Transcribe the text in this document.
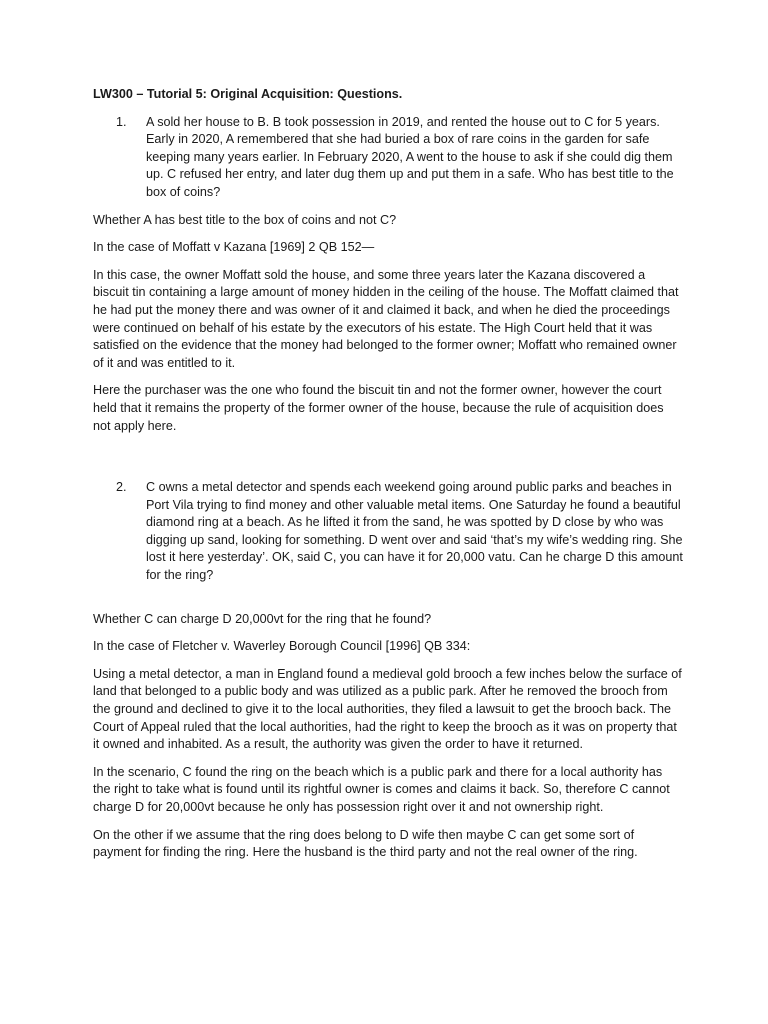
LW300 – Tutorial 5: Original Acquisition: Questions.
1.	A sold her house to B. B took possession in 2019, and rented the house out to C for 5 years. Early in 2020, A remembered that she had buried a box of rare coins in the garden for safe keeping many years earlier. In February 2020, A went to the house to ask if she could dig them up. C refused her entry, and later dug them up and put them in a safe. Who has best title to the box of coins?

Whether A has best title to the box of coins and not C?

In the case of Moffatt v Kazana [1969] 2 QB 152—

In this case, the owner Moffatt sold the house, and some three years later the Kazana discovered a biscuit tin containing a large amount of money hidden in the ceiling of the house. The Moffatt claimed that he had put the money there and was owner of it and claimed it back, and when he died the proceedings were continued on behalf of his estate by the executors of his estate. The High Court held that it was satisfied on the evidence that the money had belonged to the former owner; Moffatt who remained owner of it and was entitled to it.

Here the purchaser was the one who found the biscuit tin and not the former owner, however the court held that it remains the property of the former owner of the house, because the rule of acquisition does not apply here.

2.	C owns a metal detector and spends each weekend going around public parks and beaches in Port Vila trying to find money and other valuable metal items. One Saturday he found a beautiful diamond ring at a beach. As he lifted it from the sand, he was spotted by D close by who was digging up sand, looking for something. D went over and said ‘that’s my wife’s wedding ring. She lost it here yesterday’. OK, said C, you can have it for 20,000 vatu. Can he charge D this amount for the ring?

Whether C can charge D 20,000vt for the ring that he found?

In the case of Fletcher v. Waverley Borough Council [1996] QB 334:

Using a metal detector, a man in England found a medieval gold brooch a few inches below the surface of land that belonged to a public body and was utilized as a public park. After he removed the brooch from the ground and declined to give it to the local authorities, they filed a lawsuit to get the brooch back. The Court of Appeal ruled that the local authorities, had the right to keep the brooch as it was on property that it owned and inhabited. As a result, the authority was given the order to have it returned.

In the scenario, C found the ring on the beach which is a public park and there for a local authority has the right to take what is found until its rightful owner is comes and claims it back. So, therefore C cannot charge D for 20,000vt because he only has possession right over it and not ownership right.

On the other if we assume that the ring does belong to D wife then maybe C can get some sort of payment for finding the ring. Here the husband is the third party and not the real owner of the ring.
